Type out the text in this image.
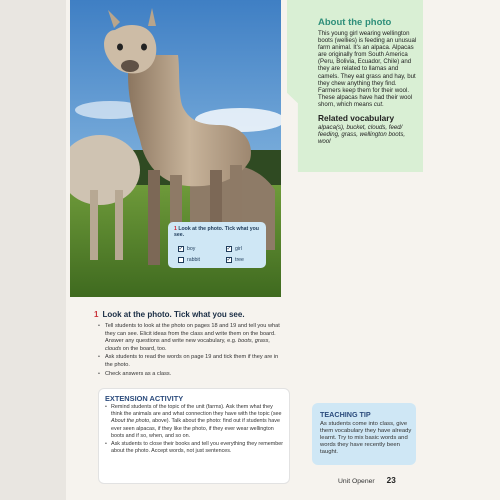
1 Look at the photo. Tick what you see.
✓ boy	✓ girl
rabbit	✓ tree

About the photo

This young girl wearing wellington boots (wellies) is feeding an unusual farm animal. It's an alpaca. Alpacas are originally from South America (Peru, Bolivia, Ecuador, Chile) and they are related to llamas and camels. They eat grass and hay, but they chew anything they find. Farmers keep them for their wool. These alpacas have had their wool shorn, which means cut.

Related vocabulary

alpaca(s), bucket, clouds, feed/ feeding, grass, wellington boots, wool

1 Look at the photo. Tick what you see.
• Tell students to look at the photo on pages 18 and 19 and tell you what they can see. Elicit ideas from the class and write them on the board. Answer any questions and write new vocabulary, e.g. boots, grass, clouds on the board, too.
• Ask students to read the words on page 19 and tick them if they are in the photo.
• Check answers as a class.
EXTENSION ACTIVITY
• Remind students of the topic of the unit (farms). Ask them what they think the animals are and what connection they have with the topic (see About the photo, above). Talk about the photo: find out if students have ever seen alpacas, if they like the photo, if they ever wear wellington boots and if so, when, and so on.
• Ask students to close their books and tell you everything they remember about the photo. Accept words, not just sentences.
TEACHING TIP
As students come into class, give them vocabulary they have already learnt. Try to mix basic words and words they have recently been taught.
Unit Opener 23
